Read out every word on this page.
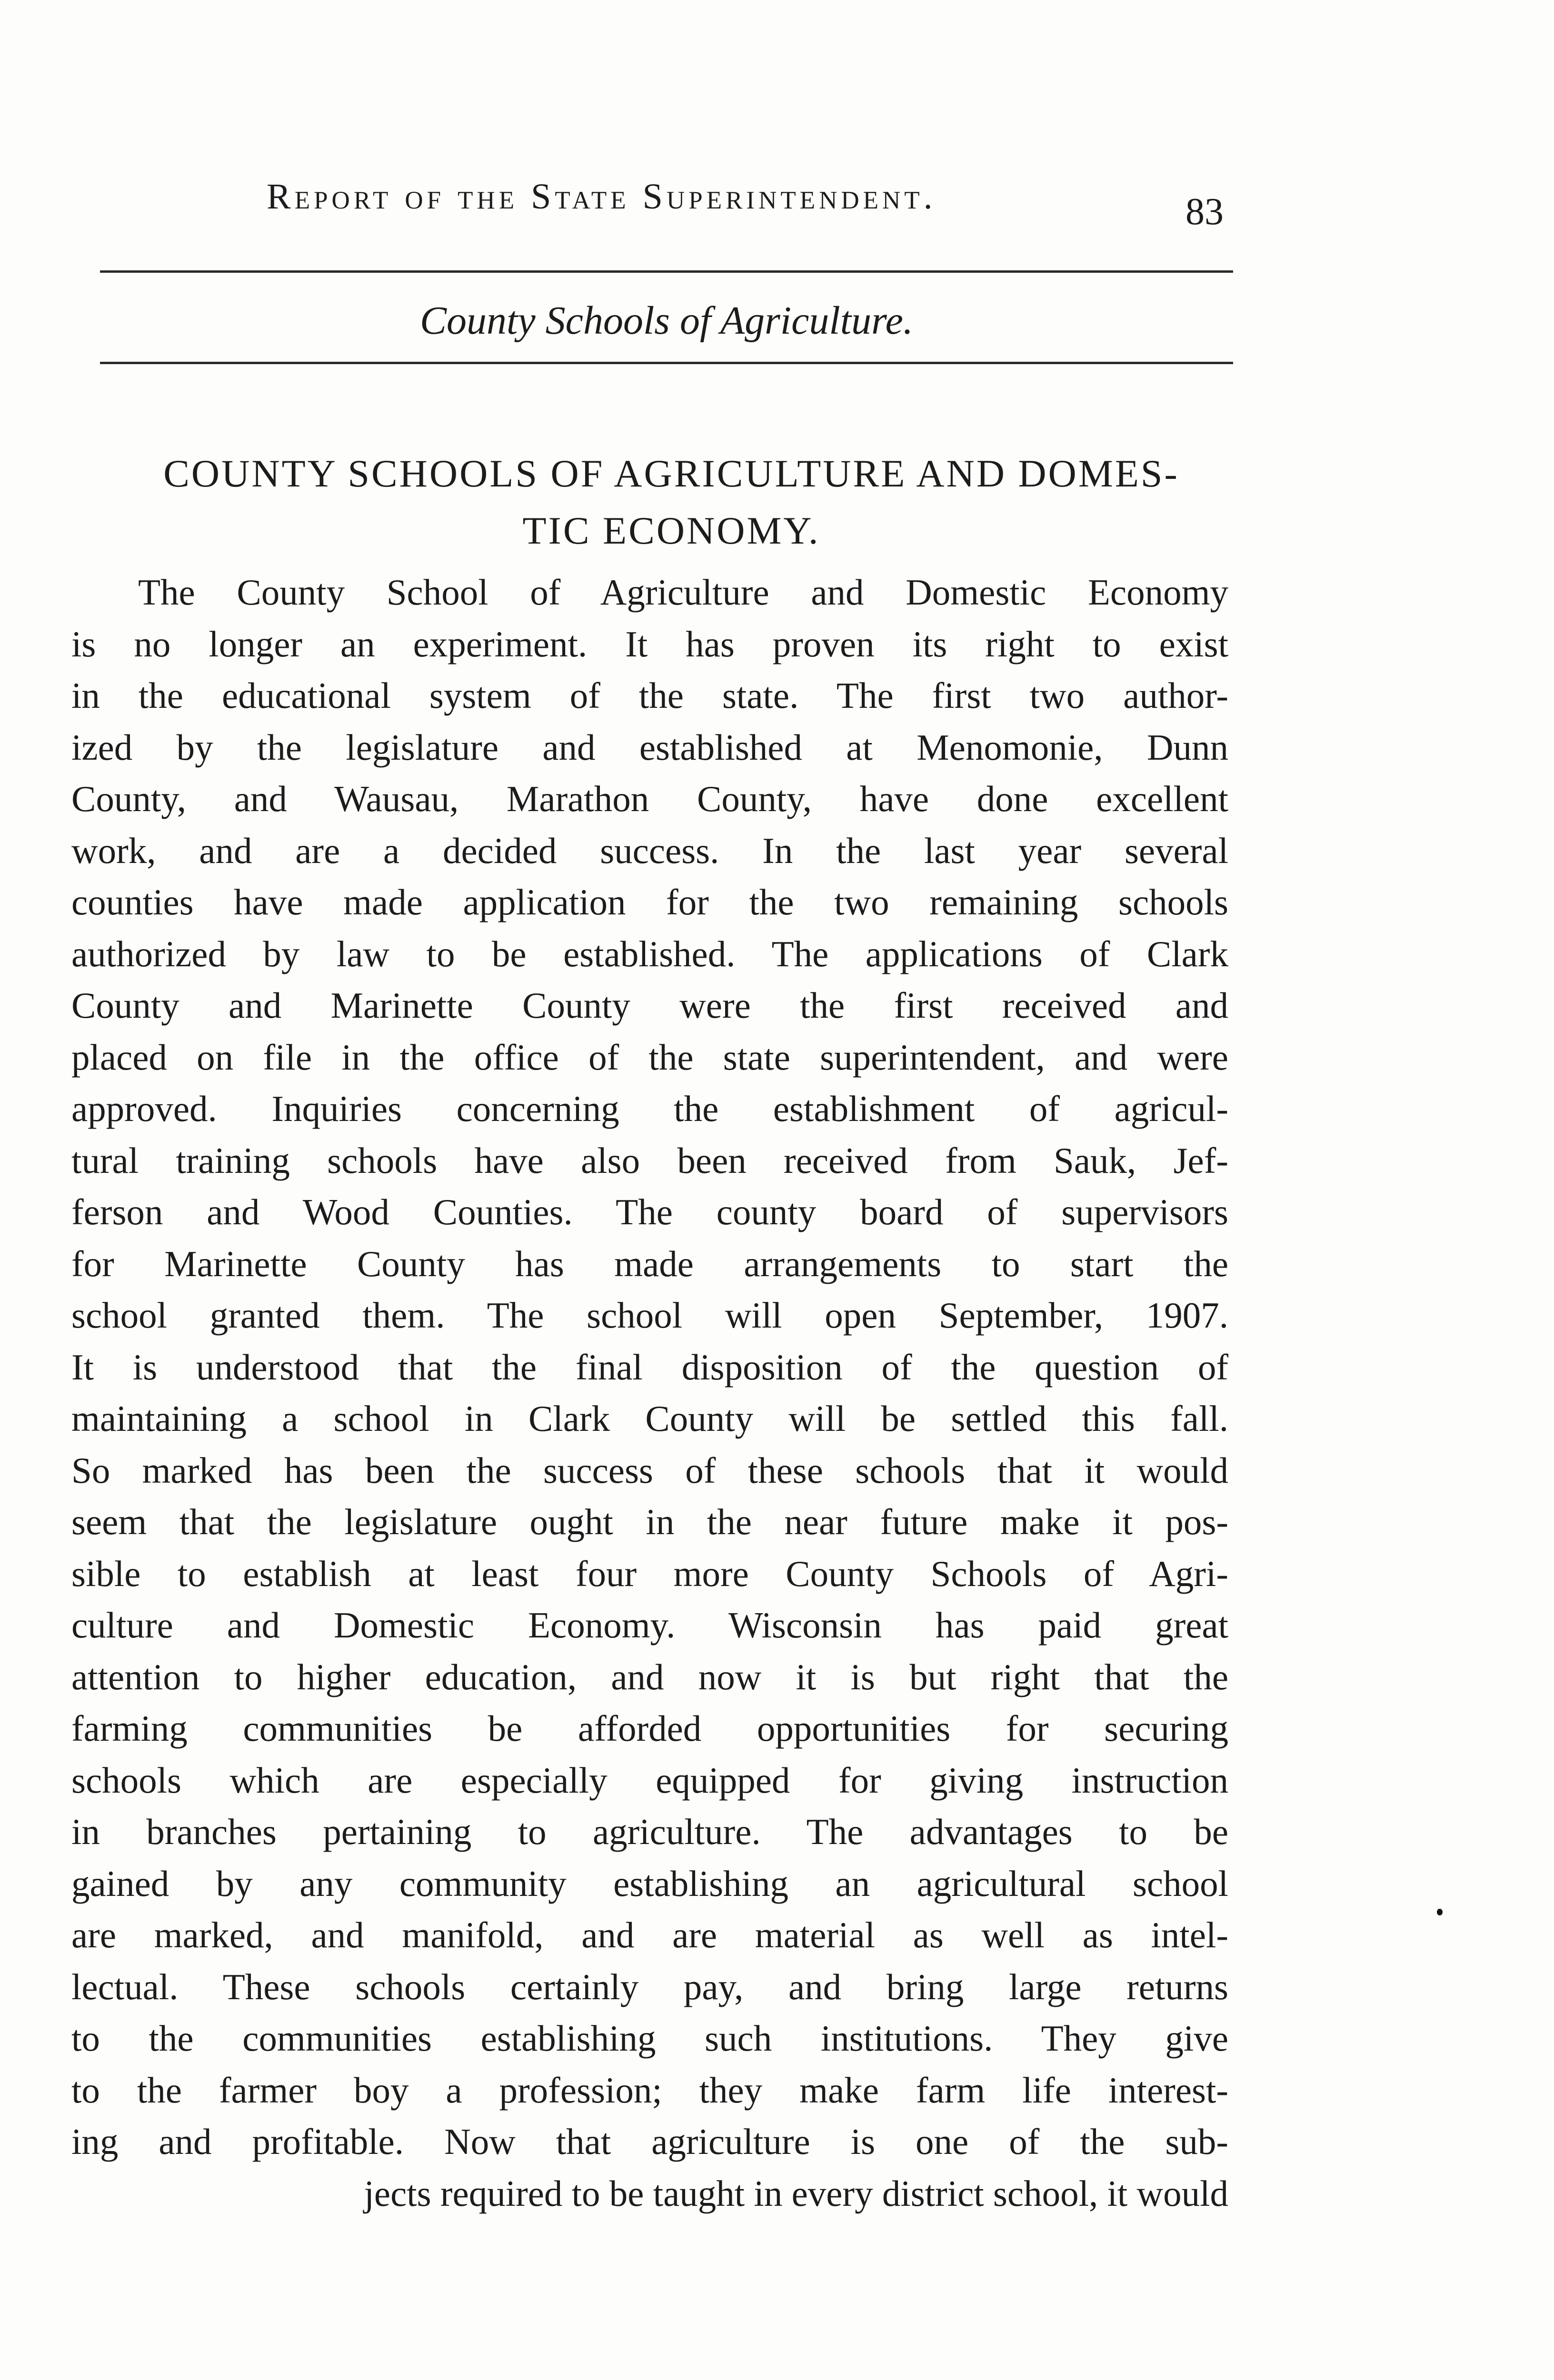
Report of the State Superintendent.	83
County Schools of Agriculture.
COUNTY SCHOOLS OF AGRICULTURE AND DOMES-
TIC ECONOMY.
The County School of Agriculture and Domestic Economy
is no longer an experiment. It has proven its right to exist
in the educational system of the state. The first two author-
ized by the legislature and established at Menomonie, Dunn
County, and Wausau, Marathon County, have done excellent
work, and are a decided success. In the last year several
counties have made application for the two remaining schools
authorized by law to be established. The applications of Clark
County and Marinette County were the first received and
placed on file in the office of the state superintendent, and were
approved. Inquiries concerning the establishment of agricul-
tural training schools have also been received from Sauk, Jef-
ferson and Wood Counties. The county board of supervisors
for Marinette County has made arrangements to start the
school granted them. The school will open September, 1907.
It is understood that the final disposition of the question of
maintaining a school in Clark County will be settled this fall.
So marked has been the success of these schools that it would
seem that the legislature ought in the near future make it pos-
sible to establish at least four more County Schools of Agri-
culture and Domestic Economy. Wisconsin has paid great
attention to higher education, and now it is but right that the
farming communities be afforded opportunities for securing
schools which are especially equipped for giving instruction
in branches pertaining to agriculture. The advantages to be
gained by any community establishing an agricultural school
are marked, and manifold, and are material as well as intel-
lectual. These schools certainly pay, and bring large returns
to the communities establishing such institutions. They give
to the farmer boy a profession; they make farm life interest-
ing and profitable. Now that agriculture is one of the sub-
jects required to be taught in every district school, it would
